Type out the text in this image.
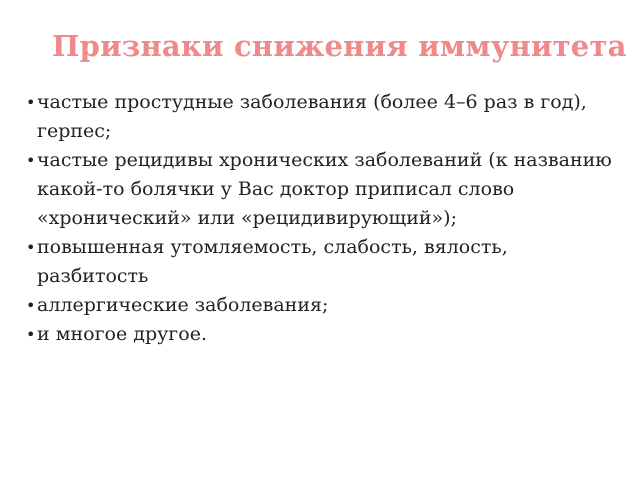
Признаки снижения иммунитета
• частые простудные заболевания (более 4–6 раз в год), герпес;
• частые рецидивы хронических заболеваний (к названию какой-то болячки у Вас доктор приписал слово «хронический» или «рецидивирующий»);
• повышенная утомляемость, слабость, вялость, разбитость
• аллергические заболевания;
• и многое другое.
